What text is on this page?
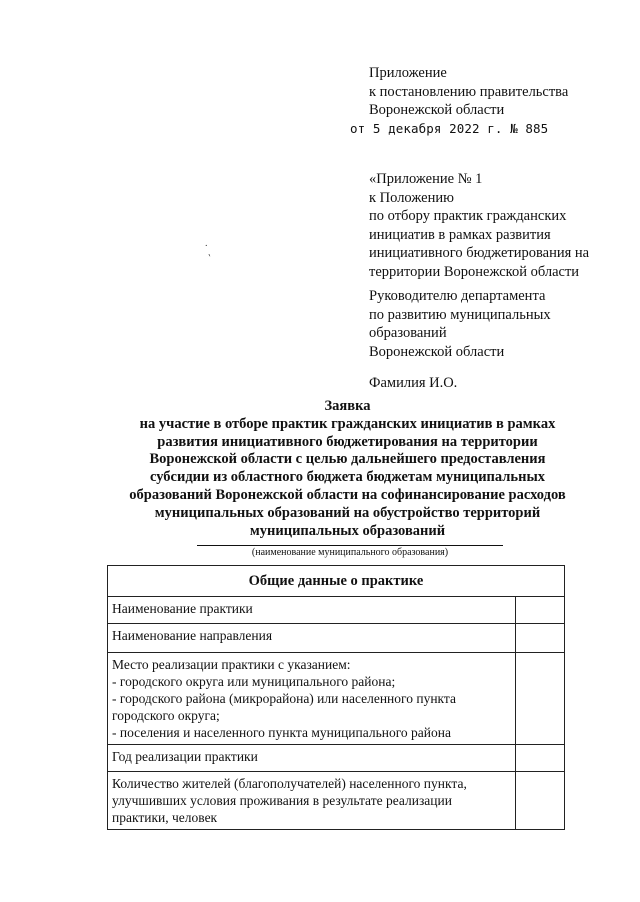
Приложение
к постановлению правительства
Воронежской области
от 5 декабря 2022 г. № 885
«Приложение № 1
к Положению
по отбору практик гражданских
инициатив в рамках развития
инициативного бюджетирования на
территории Воронежской области
˙ ˎ
Руководителю департамента
по развитию муниципальных
образований
Воронежской области
Фамилия И.О.
Заявка
на участие в отборе практик гражданских инициатив в рамках
развития инициативного бюджетирования на территории
Воронежской области с целью дальнейшего предоставления
субсидии из областного бюджета бюджетам муниципальных
образований Воронежской области на софинансирование расходов
муниципальных образований на обустройство территорий
муниципальных образований
(наименование муниципального образования)
Общие данные о практике	

Наименование практики	

Наименование направления	

Место реализации практики с указанием:
- городского округа или муниципального района;
- городского района (микрорайона) или населенного пункта
городского округа;
- поселения и населенного пункта муниципального района	

Год реализации практики	

Количество жителей (благополучателей) населенного пункта,
улучшивших условия проживания в результате реализации
практики, человек	
